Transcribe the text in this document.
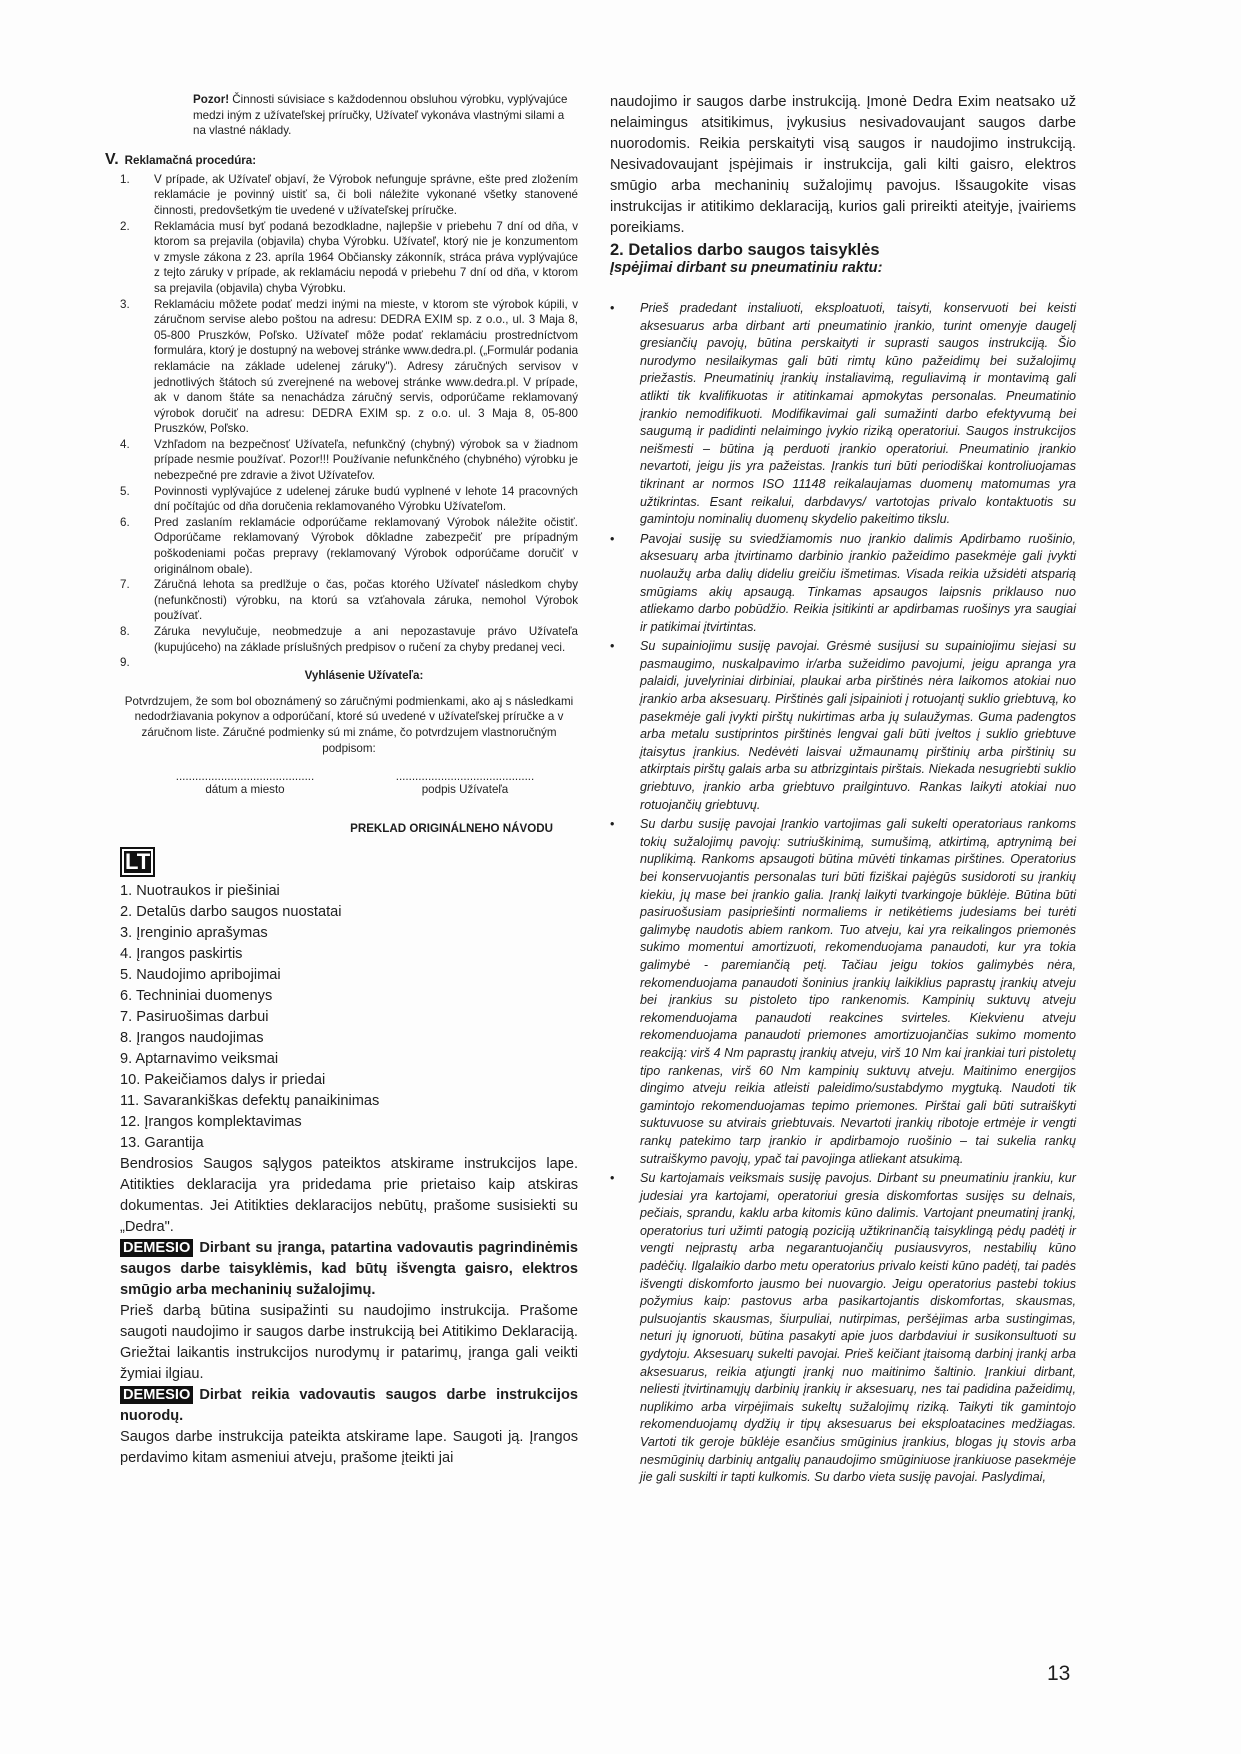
Pozor! Činnosti súvisiace s každodennou obsluhou výrobku, vyplývajúce medzi iným z užívateľskej príručky, Užívateľ vykonáva vlastnými silami a na vlastné náklady.

V. Reklamačná procedúra:
1.	V prípade, ak Užívateľ objaví, že Výrobok nefunguje správne, ešte pred zložením reklamácie je povinný uistiť sa, či boli náležite vykonané všetky stanovené činnosti, predovšetkým tie uvedené v užívateľskej príručke.
2.	Reklamácia musí byť podaná bezodkladne, najlepšie v priebehu 7 dní od dňa, v ktorom sa prejavila (objavila) chyba Výrobku. Užívateľ, ktorý nie je konzumentom v zmysle zákona z 23. apríla 1964 Občiansky zákonník, stráca práva vyplývajúce z tejto záruky v prípade, ak reklamáciu nepodá v priebehu 7 dní od dňa, v ktorom sa prejavila (objavila) chyba Výrobku.
3.	Reklamáciu môžete podať medzi inými na mieste, v ktorom ste výrobok kúpili, v záručnom servise alebo poštou na adresu: DEDRA EXIM sp. z o.o., ul. 3 Maja 8, 05-800 Pruszków, Poľsko. Užívateľ môže podať reklamáciu prostredníctvom formulára, ktorý je dostupný na webovej stránke www.dedra.pl. („Formulár podania reklamácie na základe udelenej záruky"). Adresy záručných servisov v jednotlivých štátoch sú zverejnené na webovej stránke www.dedra.pl. V prípade, ak v danom štáte sa nenachádza záručný servis, odporúčame reklamovaný výrobok doručiť na adresu: DEDRA EXIM sp. z o.o. ul. 3 Maja 8, 05-800 Pruszków, Poľsko.
4.	Vzhľadom na bezpečnosť Užívateľa, nefunkčný (chybný) výrobok sa v žiadnom prípade nesmie používať. Pozor!!! Používanie nefunkčného (chybného) výrobku je nebezpečné pre zdravie a život Užívateľov.
5.	Povinnosti vyplývajúce z udelenej záruke budú vyplnené v lehote 14 pracovných dní počítajúc od dňa doručenia reklamovaného Výrobku Užívateľom.
6.	Pred zaslaním reklamácie odporúčame reklamovaný Výrobok náležite očistiť. Odporúčame reklamovaný Výrobok dôkladne zabezpečiť pre prípadným poškodeniami počas prepravy (reklamovaný Výrobok odporúčame doručiť v originálnom obale).
7.	Záručná lehota sa predlžuje o čas, počas ktorého Užívateľ následkom chyby (nefunkčnosti) výrobku, na ktorú sa vzťahovala záruka, nemohol Výrobok používať.
8.	Záruka nevylučuje, neobmedzuje a ani nepozastavuje právo Užívateľa (kupujúceho) na základe príslušných predpisov o ručení za chyby predanej veci.
9.
Vyhlásenie Užívateľa:

Potvrdzujem, že som bol oboznámený so záručnými podmienkami, ako aj s následkami nedodržiavania pokynov a odporúčaní, ktoré sú uvedené v užívateľskej príručke a v záručnom liste. Záručné podmienky sú mi známe, čo potvrdzujem vlastnoručným podpisom:

...........................................
dátum a miesto
...........................................
podpis Užívateľa
PREKLAD ORIGINÁLNEHO NÁVODU
LT
1. Nuotraukos ir piešiniai
2. Detalūs darbo saugos nuostatai
3. Įrenginio aprašymas
4. Įrangos paskirtis
5. Naudojimo apribojimai
6. Techniniai duomenys
7. Pasiruošimas darbui
8. Įrangos naudojimas
9. Aptarnavimo veiksmai
10. Pakeičiamos dalys ir priedai
11. Savarankiškas defektų panaikinimas
12. Įrangos komplektavimas
13. Garantija

Bendrosios Saugos sąlygos pateiktos atskirame instrukcijos lape. Atitikties deklaracija yra pridedama prie prietaiso kaip atskiras dokumentas. Jei Atitikties deklaracijos nebūtų, prašome susisiekti su „Dedra".

DEMESIO Dirbant su įranga, patartina vadovautis pagrindinėmis saugos darbe taisyklėmis, kad būtų išvengta gaisro, elektros smūgio arba mechaninių sužalojimų.

Prieš darbą būtina susipažinti su naudojimo instrukcija. Prašome saugoti naudojimo ir saugos darbe instrukciją bei Atitikimo Deklaraciją. Griežtai laikantis instrukcijos nurodymų ir patarimų, įranga gali veikti žymiai ilgiau.

DEMESIO Dirbat reikia vadovautis saugos darbe instrukcijos nuorodų.

Saugos darbe instrukcija pateikta atskirame lape. Saugoti ją. Įrangos perdavimo kitam asmeniui atveju, prašome įteikti jai

naudojimo ir saugos darbe instrukciją. Įmonė Dedra Exim neatsako už nelaimingus atsitikimus, įvykusius nesivadovaujant saugos darbe nuorodomis. Reikia perskaityti visą saugos ir naudojimo instrukciją. Nesivadovaujant įspėjimais ir instrukcija, gali kilti gaisro, elektros smūgio arba mechaninių sužalojimų pavojus. Išsaugokite visas instrukcijas ir atitikimo deklaraciją, kurios gali prireikti ateityje, įvairiems poreikiams.

2. Detalios darbo saugos taisyklės
Įspėjimai dirbant su pneumatiniu raktu:
•	Prieš pradedant instaliuoti, eksploatuoti, taisyti, konservuoti bei keisti aksesuarus arba dirbant arti pneumatinio įrankio, turint omenyje daugelį gresiančių pavojų, būtina perskaityti ir suprasti saugos instrukciją. Šio nurodymo nesilaikymas gali būti rimtų kūno pažeidimų bei sužalojimų priežastis. Pneumatinių įrankių instaliavimą, reguliavimą ir montavimą gali atlikti tik kvalifikuotas ir atitinkamai apmokytas personalas. Pneumatinio įrankio nemodifikuoti. Modifikavimai gali sumažinti darbo efektyvumą bei saugumą ir padidinti nelaimingo įvykio riziką operatoriui. Saugos instrukcijos neišmesti – būtina ją perduoti įrankio operatoriui. Pneumatinio įrankio nevartoti, jeigu jis yra pažeistas. Įrankis turi būti periodiškai kontroliuojamas tikrinant ar normos ISO 11148 reikalaujamas duomenų matomumas yra užtikrintas. Esant reikalui, darbdavys/ vartotojas privalo kontaktuotis su gamintoju nominalių duomenų skydelio pakeitimo tikslu.
•	Pavojai susiję su sviedžiamomis nuo įrankio dalimis Apdirbamo ruošinio, aksesuarų arba įtvirtinamo darbinio įrankio pažeidimo pasekmėje gali įvykti nuolaužų arba dalių dideliu greičiu išmetimas. Visada reikia užsidėti atsparią smūgiams akių apsaugą. Tinkamas apsaugos laipsnis priklauso nuo atliekamo darbo pobūdžio. Reikia įsitikinti ar apdirbamas ruošinys yra saugiai ir patikimai įtvirtintas.
•	Su supainiojimu susiję pavojai. Grėsmė susijusi su supainiojimu siejasi su pasmaugimo, nuskalpavimo ir/arba sužeidimo pavojumi, jeigu apranga yra palaidi, juvelyriniai dirbiniai, plaukai arba pirštinės nėra laikomos atokiai nuo įrankio arba aksesuarų. Pirštinės gali įsipainioti į rotuojantį suklio griebtuvą, ko pasekmėje gali įvykti pirštų nukirtimas arba jų sulaužymas. Guma padengtos arba metalu sustiprintos pirštinės lengvai gali būti įveltos į suklio griebtuve įtaisytus įrankius. Nedėvėti laisvai užmaunamų pirštinių arba pirštinių su atkirptais pirštų galais arba su atbrizgintais pirštais. Niekada nesugriebti suklio griebtuvo, įrankio arba griebtuvo prailgintuvo. Rankas laikyti atokiai nuo rotuojančių griebtuvų.
•	Su darbu susiję pavojai Įrankio vartojimas gali sukelti operatoriaus rankoms tokių sužalojimų pavojų: sutriuškinimą, sumušimą, atkirtimą, aptrynimą bei nuplikimą. Rankoms apsaugoti būtina mūvėti tinkamas pirštines. Operatorius bei konservuojantis personalas turi būti fiziškai pajėgūs susidoroti su įrankių kiekiu, jų mase bei įrankio galia. Įrankį laikyti tvarkingoje būklėje. Būtina būti pasiruošusiam pasipriešinti normaliems ir netikėtiems judesiams bei turėti galimybę naudotis abiem rankom. Tuo atveju, kai yra reikalingos priemonės sukimo momentui amortizuoti, rekomenduojama panaudoti, kur yra tokia galimybė - paremiančią petį. Tačiau jeigu tokios galimybės nėra, rekomenduojama panaudoti šoninius įrankių laikiklius paprastų įrankių atveju bei įrankius su pistoleto tipo rankenomis. Kampinių suktuvų atveju rekomenduojama panaudoti reakcines svirteles. Kiekvienu atveju rekomenduojama panaudoti priemones amortizuojančias sukimo momento reakciją: virš 4 Nm paprastų įrankių atveju, virš 10 Nm kai įrankiai turi pistoletų tipo rankenas, virš 60 Nm kampinių suktuvų atveju. Maitinimo energijos dingimo atveju reikia atleisti paleidimo/sustabdymo mygtuką. Naudoti tik gamintojo rekomenduojamas tepimo priemones. Pirštai gali būti sutraiškyti suktuvuose su atvirais griebtuvais. Nevartoti įrankių ribotoje ertmėje ir vengti rankų patekimo tarp įrankio ir apdirbamojo ruošinio – tai sukelia rankų sutraiškymo pavojų, ypač tai pavojinga atliekant atsukimą.
•	Su kartojamais veiksmais susiję pavojus. Dirbant su pneumatiniu įrankiu, kur judesiai yra kartojami, operatoriui gresia diskomfortas susijęs su delnais, pečiais, sprandu, kaklu arba kitomis kūno dalimis. Vartojant pneumatinį įrankį, operatorius turi užimti patogią poziciją užtikrinančią taisyklingą pėdų padėtį ir vengti neįprastų arba negarantuojančių pusiausvyros, nestabilių kūno padėčių. Ilgalaikio darbo metu operatorius privalo keisti kūno padėtį, tai padės išvengti diskomforto jausmo bei nuovargio. Jeigu operatorius pastebi tokius požymius kaip: pastovus arba pasikartojantis diskomfortas, skausmas, pulsuojantis skausmas, šiurpuliai, nutirpimas, peršėjimas arba sustingimas, neturi jų ignoruoti, būtina pasakyti apie juos darbdaviui ir susikonsultuoti su gydytoju. Aksesuarų sukelti pavojai. Prieš keičiant įtaisomą darbinį įrankį arba aksesuarus, reikia atjungti įrankį nuo maitinimo šaltinio. Įrankiui dirbant, neliesti įtvirtinamųjų darbinių įrankių ir aksesuarų, nes tai padidina pažeidimų, nuplikimo arba virpėjimais sukeltų sužalojimų riziką. Taikyti tik gamintojo rekomenduojamų dydžių ir tipų aksesuarus bei eksploatacines medžiagas. Vartoti tik geroje būklėje esančius smūginius įrankius, blogas jų stovis arba nesmūginių darbinių antgalių panaudojimo smūginiuose įrankiuose pasekmėje jie gali suskilti ir tapti kulkomis. Su darbo vieta susiję pavojai. Paslydimai,
13
